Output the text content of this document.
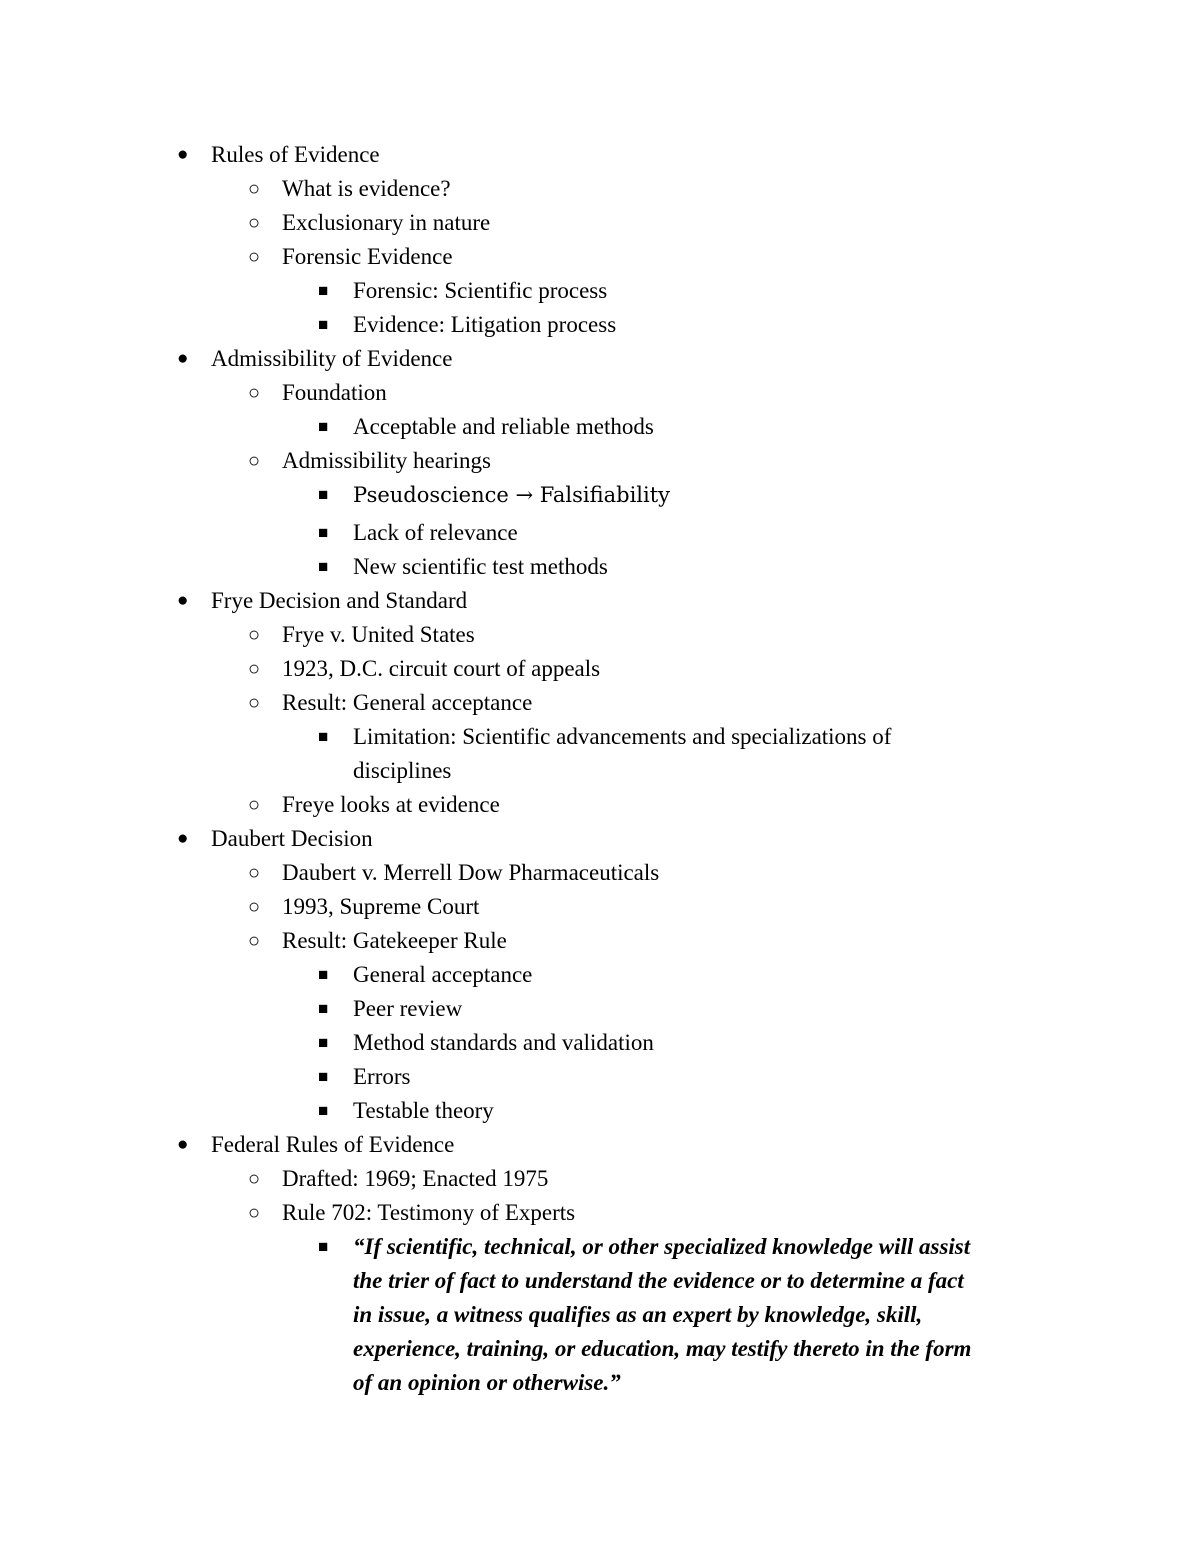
● Rules of Evidence
○ What is evidence?
○ Exclusionary in nature
○ Forensic Evidence
■ Forensic: Scientific process
■ Evidence: Litigation process
● Admissibility of Evidence
○ Foundation
■ Acceptable and reliable methods
○ Admissibility hearings
■ Pseudoscience → Falsifiability
■ Lack of relevance
■ New scientific test methods
● Frye Decision and Standard
○ Frye v. United States
○ 1923, D.C. circuit court of appeals
○ Result: General acceptance
■ Limitation: Scientific advancements and specializations of
disciplines
○ Freye looks at evidence
● Daubert Decision
○ Daubert v. Merrell Dow Pharmaceuticals
○ 1993, Supreme Court
○ Result: Gatekeeper Rule
■ General acceptance
■ Peer review
■ Method standards and validation
■ Errors
■ Testable theory
● Federal Rules of Evidence
○ Drafted: 1969; Enacted 1975
○ Rule 702: Testimony of Experts
■ “If scientific, technical, or other specialized knowledge will assist
the trier of fact to understand the evidence or to determine a fact
in issue, a witness qualifies as an expert by knowledge, skill,
experience, training, or education, may testify thereto in the form
of an opinion or otherwise.”
